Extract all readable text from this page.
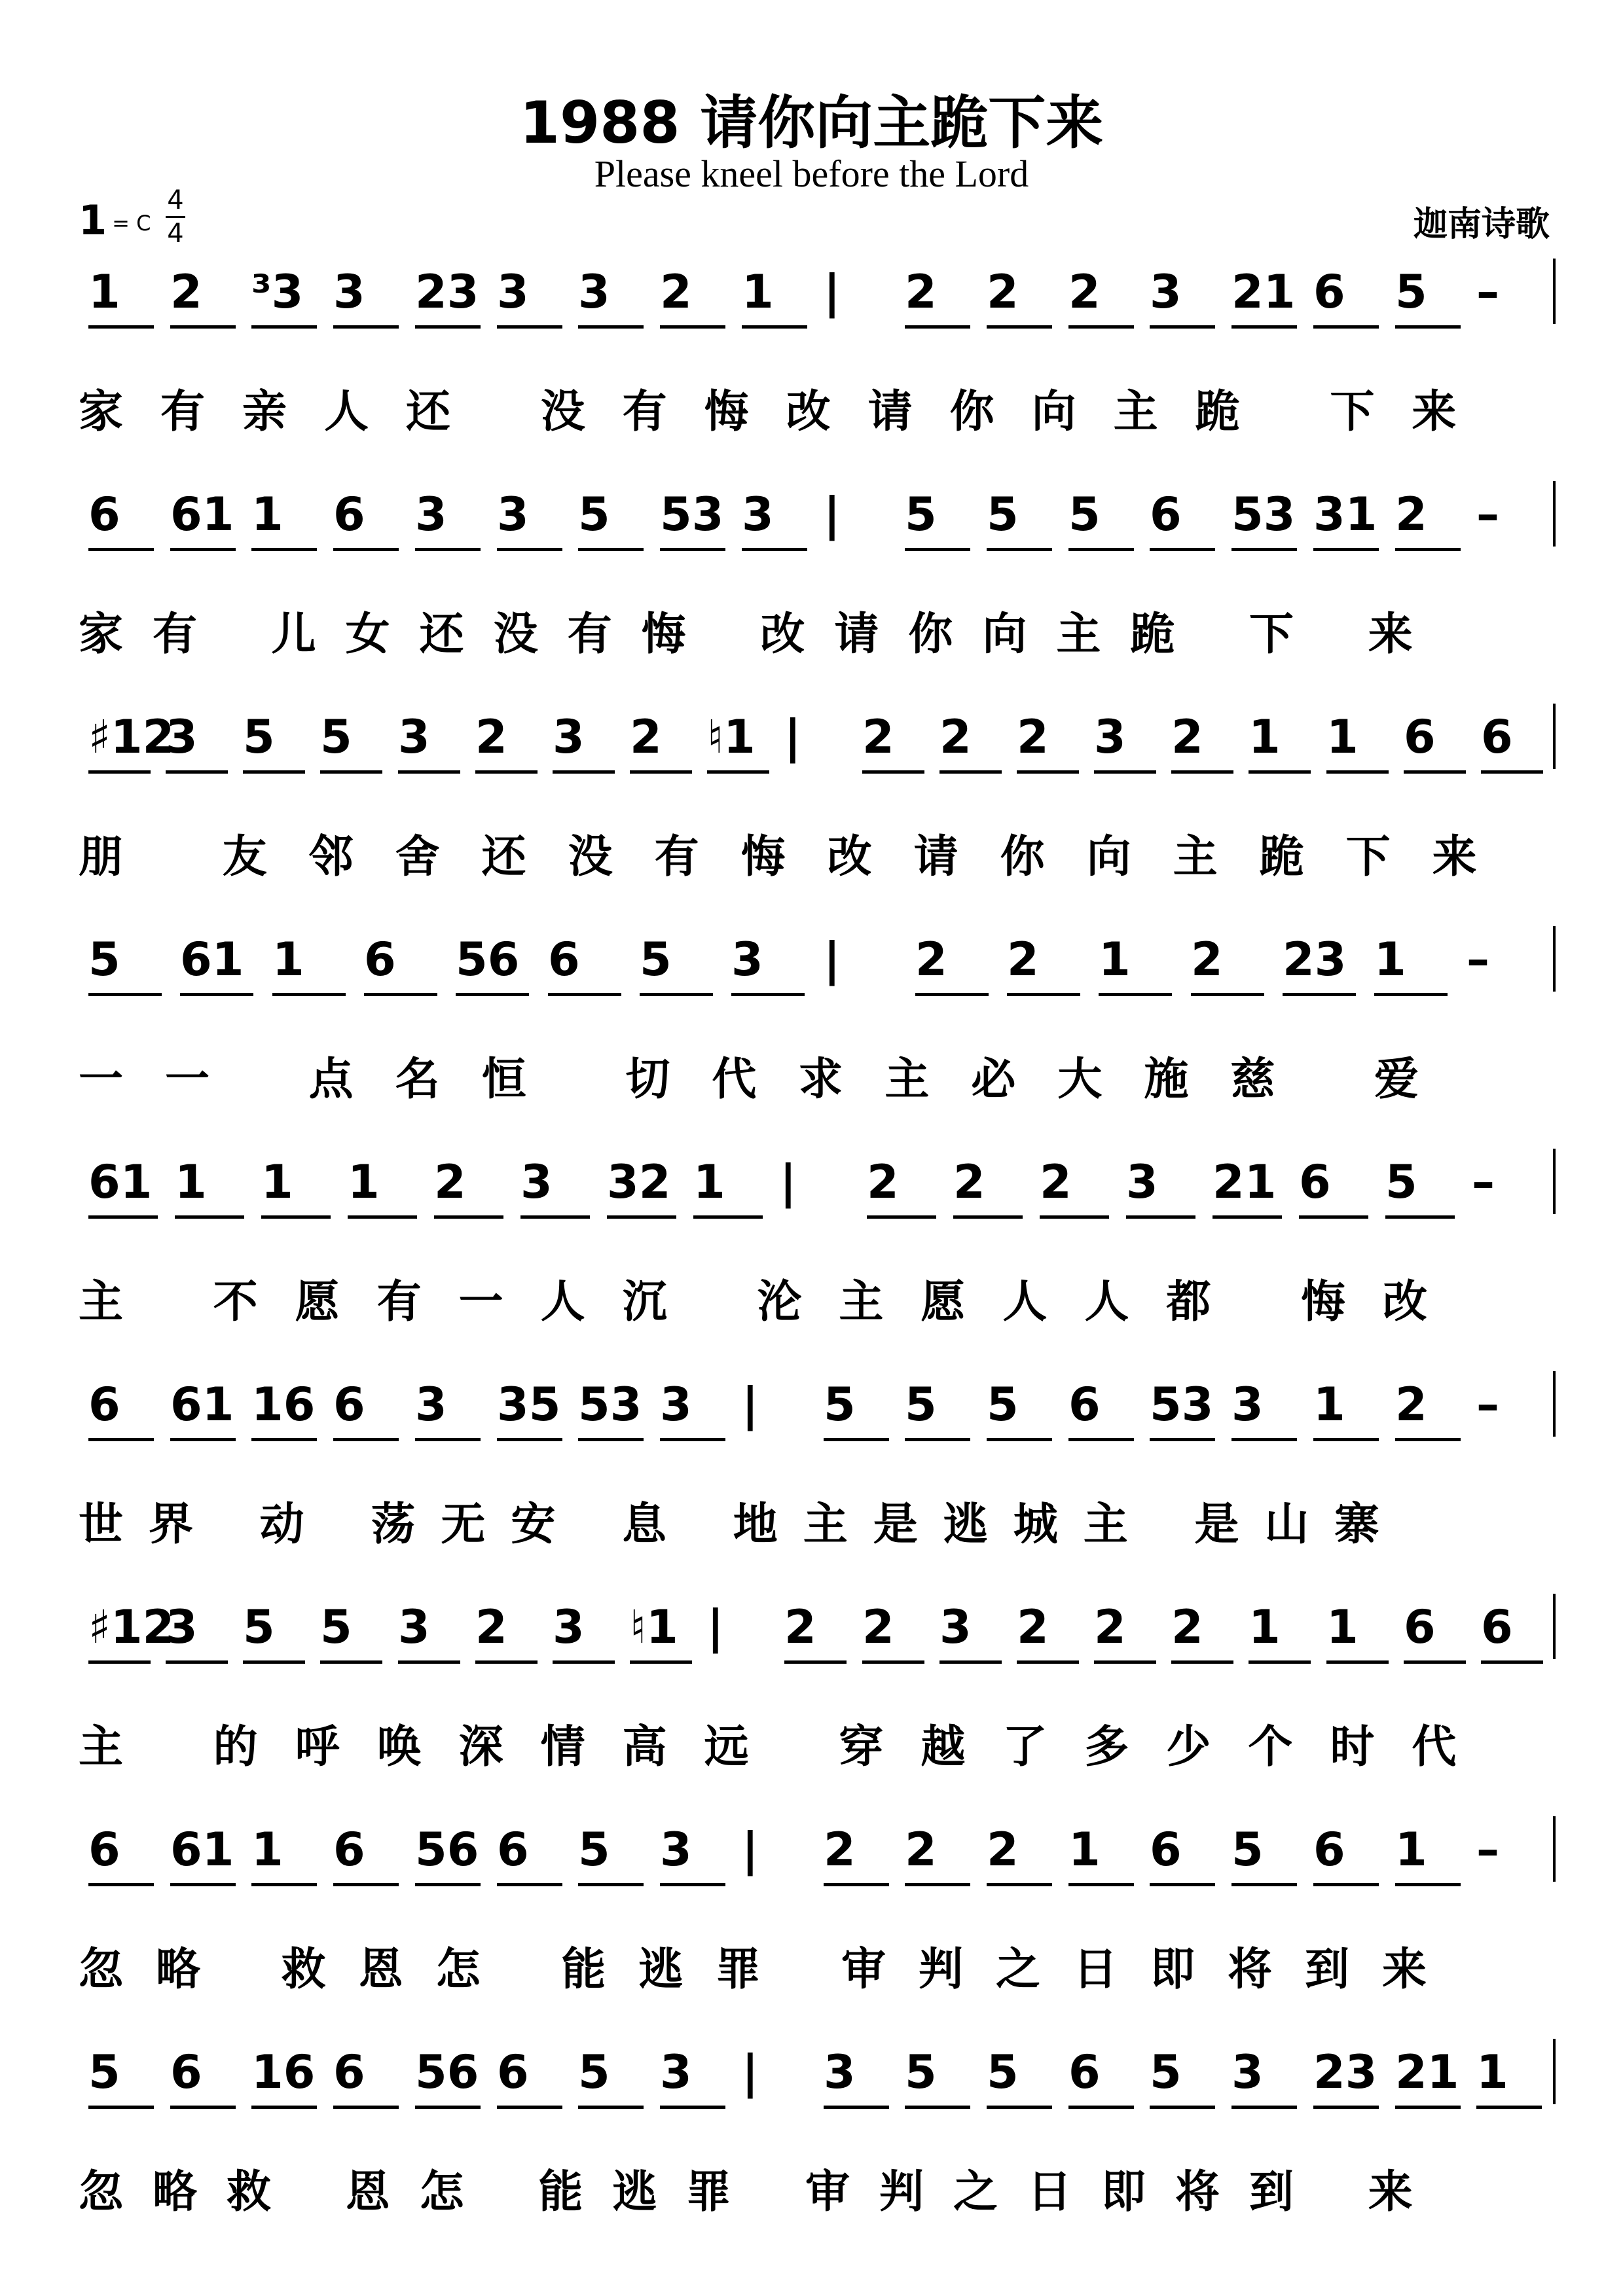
1988 请你向主跪下来
Please kneel before the Lord
1 = C
4
4	迦南诗歌
1 2 ³3 3 23 3 3 2 1 | 2 2 2 3 21 6 5 –
家有亲人还 没有悔改请你向主跪 下来
6 61 1 6 3 3 5 53 3 | 5 5 5 6 53 31 2 –
家有 儿女还没有悔 改请你向主跪 下 来
♯12
3 5 5 3 2 3 2 ♮1 | 2 2 2 3 2 1 1 6 6
朋 友邻舍还没有悔改请你向主跪下来
5 61 1 6 56 6 5 3 | 2 2 1 2 23 1 –
一一 点名恒 切代求主必大施慈 爱
61 1 1 1 2 3 32 1 | 2 2 2 3 21 6 5 –
主 不愿有一人沉 沦主愿人人都 悔改
6 61 16 6 3 35 53 3 | 5 5 5 6 53 3 1 2 –
世界 动 荡无安 息 地主是逃城主 是山寨
♯12
3 5 5 3 2 3 ♮1 | 2 2 3 2 2 2 1 1 6 6
主 的呼唤深情高远 穿越了多少个时代
6 61 1 6 56 6 5 3 | 2 2 2 1 6 5 6 1 –
忽略 救恩怎 能逃罪 审判之日即将到来
5 6 16 6 56 6 5 3 | 3 5 5 6 5 3 23 21 1
忽略救 恩怎 能逃罪 审判之日即将到 来
